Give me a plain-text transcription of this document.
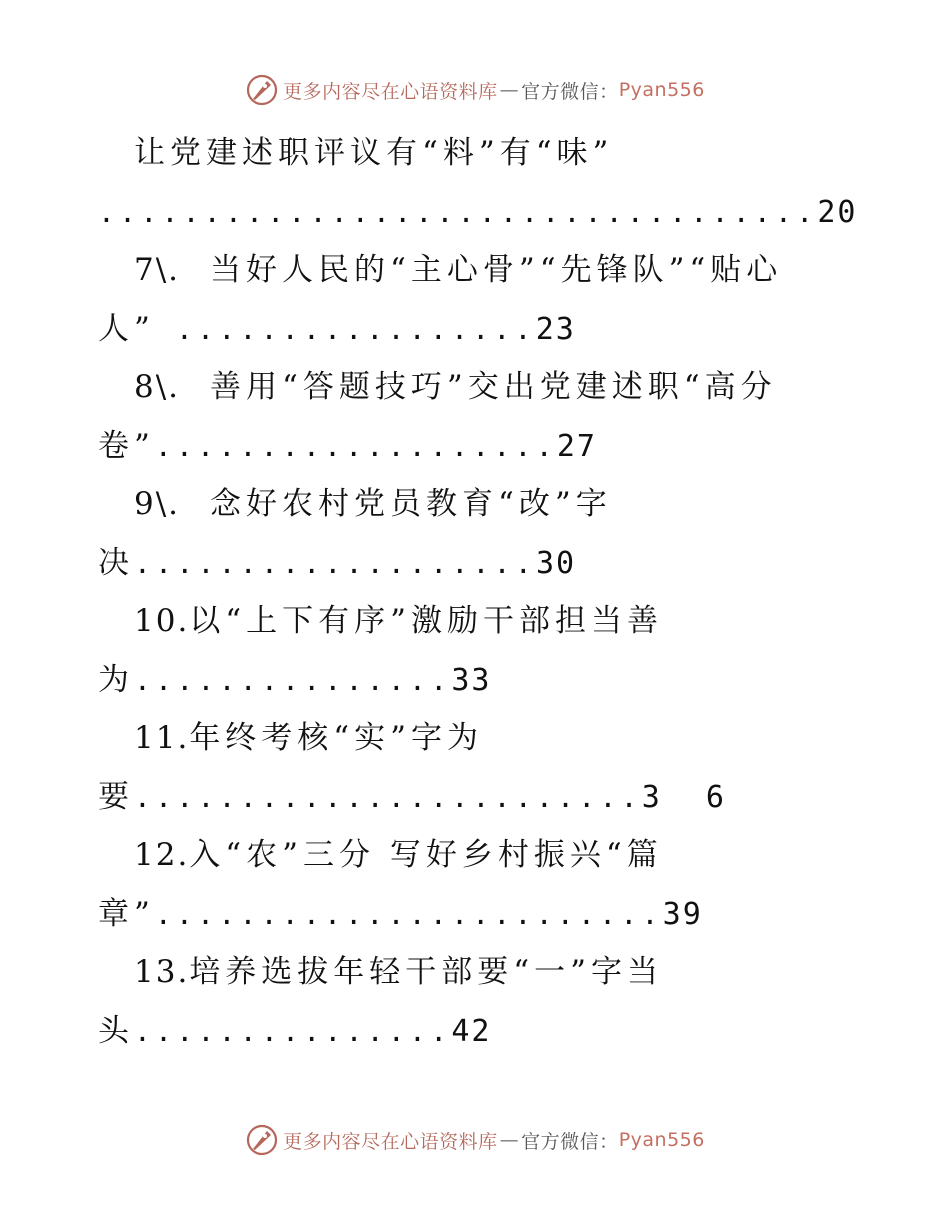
更多内容尽在心语资料库 — 官方微信： Pyan556
让党建述职评议有“料”有“味”
..................................20
7\. 当好人民的“主心骨”“先锋队”“贴心
人” .................23
8\. 善用“答题技巧”交出党建述职“高分
卷”...................27
9\. 念好农村党员教育“改”字
决...................30
10.以“上下有序”激励干部担当善
为...............33
11.年终考核“实”字为
要........................3 6
12.入“农”三分 写好乡村振兴“篇
章”........................39
13.培养选拔年轻干部要“一”字当
头...............42
更多内容尽在心语资料库 — 官方微信： Pyan556
